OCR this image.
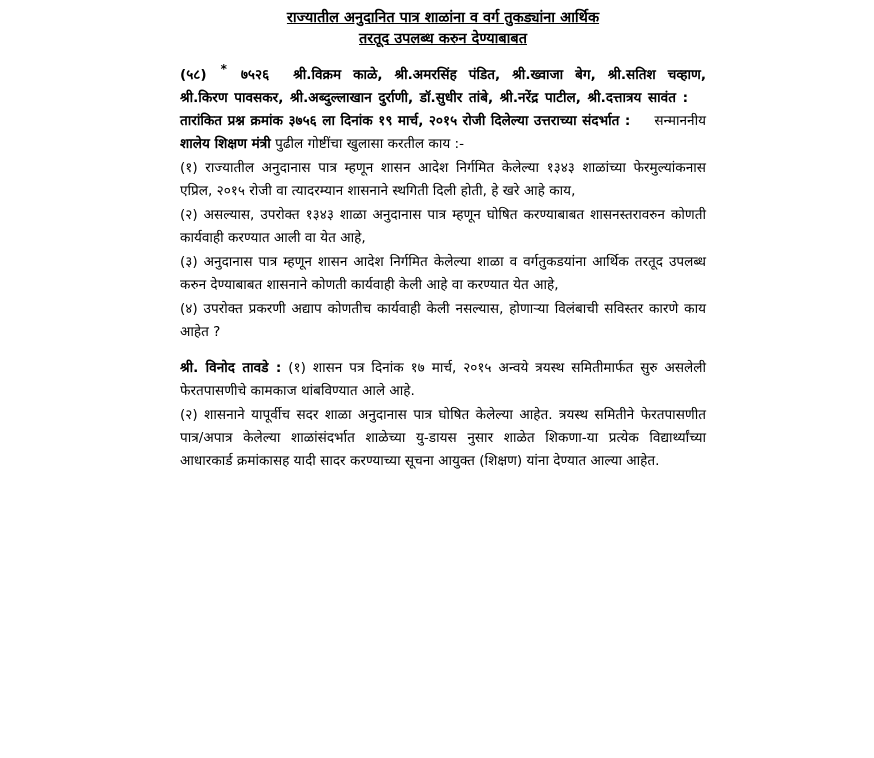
राज्यातील अनुदानित पात्र शाळांना व वर्ग तुकड्यांना आर्थिक
तरतूद उपलब्ध करुन देण्याबाबत

(५८) * ७५२६ श्री.विक्रम काळे, श्री.अमरसिंह पंडित, श्री.ख्वाजा बेग, श्री.सतिश चव्हाण, श्री.किरण पावसकर, श्री.अब्दुल्लाखान दुर्राणी, डॉ.सुधीर तांबे, श्री.नरेंद्र पाटील, श्री.दत्तात्रय सावंत :तारांकित प्रश्न क्रमांक ३७५६ ला दिनांक १९ मार्च, २०१५ रोजी दिलेल्या उत्तराच्या संदर्भात : सन्माननीय शालेय शिक्षण मंत्री पुढील गोष्टींचा खुलासा करतील काय :-

(१) राज्यातील अनुदानास पात्र म्हणून शासन आदेश निर्गमित केलेल्या १३४३ शाळांच्या फेरमुल्यांकनास एप्रिल, २०१५ रोजी वा त्यादरम्यान शासनाने स्थगिती दिली होती, हे खरे आहे काय,

(२) असल्यास, उपरोक्त १३४३ शाळा अनुदानास पात्र म्हणून घोषित करण्याबाबत शासनस्तरावरुन कोणती कार्यवाही करण्यात आली वा येत आहे,

(३) अनुदानास पात्र म्हणून शासन आदेश निर्गमित केलेल्या शाळा व वर्गतुकडयांना आर्थिक तरतूद उपलब्ध करुन देण्याबाबत शासनाने कोणती कार्यवाही केली आहे वा करण्यात येत आहे,

(४) उपरोक्त प्रकरणी अद्याप कोणतीच कार्यवाही केली नसल्यास, होणाऱ्या विलंबाची सविस्तर कारणे काय आहेत ?

श्री. विनोद तावडे : (१) शासन पत्र दिनांक १७ मार्च, २०१५ अन्वये त्रयस्थ समितीमार्फत सुरु असलेली फेरतपासणीचे कामकाज थांबविण्यात आले आहे.

(२) शासनाने यापूर्वीच सदर शाळा अनुदानास पात्र घोषित केलेल्या आहेत. त्रयस्थ समितीने फेरतपासणीत पात्र/अपात्र केलेल्या शाळांसंदर्भात शाळेच्या यु-डायस नुसार शाळेत शिकणा-या प्रत्येक विद्यार्थ्यांच्या आधारकार्ड क्रमांकासह यादी सादर करण्याच्या सूचना आयुक्त (शिक्षण) यांना देण्यात आल्या आहेत.
